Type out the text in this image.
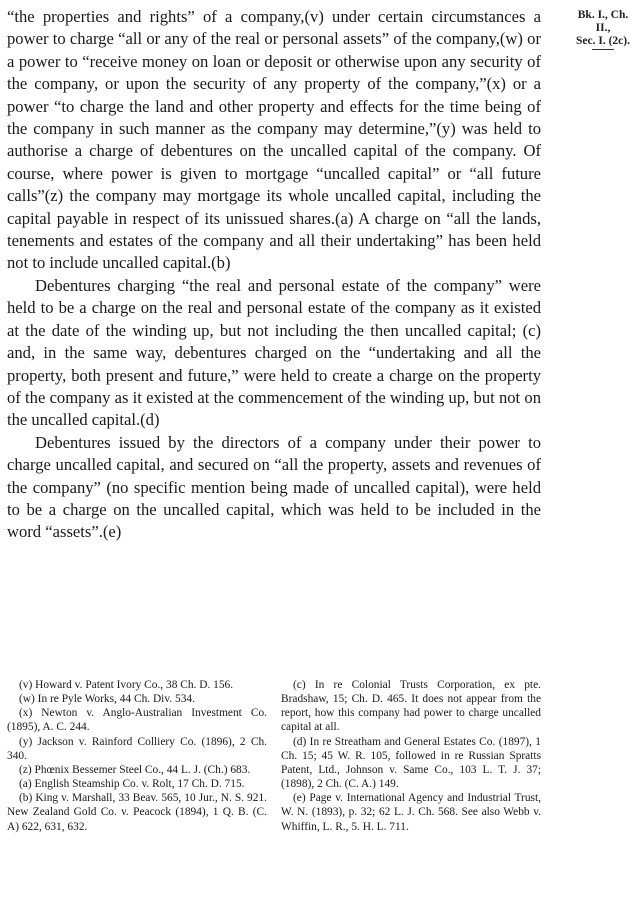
Bk. I., Ch. II.,
Sec. I. (2c).

“the properties and rights” of a company,(v) under certain circumstances a power to charge “all or any of the real or personal assets” of the company,(w) or a power to “receive money on loan or deposit or otherwise upon any security of the company, or upon the security of any property of the company,”(x) or a power “to charge the land and other property and effects for the time being of the company in such manner as the company may determine,”(y) was held to authorise a charge of debentures on the uncalled capital of the company. Of course, where power is given to mortgage “uncalled capital” or “all future calls”(z) the company may mortgage its whole uncalled capital, including the capital payable in respect of its unissued shares.(a) A charge on “all the lands, tenements and estates of the company and all their undertaking” has been held not to include uncalled capital.(b)

Debentures charging “the real and personal estate of the company” were held to be a charge on the real and personal estate of the company as it existed at the date of the winding up, but not including the then uncalled capital; (c) and, in the same way, debentures charged on the “undertaking and all the property, both present and future,” were held to create a charge on the property of the company as it existed at the commencement of the winding up, but not on the uncalled capital.(d)

Debentures issued by the directors of a company under their power to charge uncalled capital, and secured on “all the property, assets and revenues of the company” (no specific mention being made of uncalled capital), were held to be a charge on the uncalled capital, which was held to be included in the word “assets”.(e)

(v) Howard v. Patent Ivory Co., 38 Ch. D. 156.

(w) In re Pyle Works, 44 Ch. Div. 534.

(x) Newton v. Anglo-Australian Investment Co. (1895), A. C. 244.

(y) Jackson v. Rainford Colliery Co. (1896), 2 Ch. 340.

(z) Phœnix Bessemer Steel Co., 44 L. J. (Ch.) 683.

(a) English Steamship Co. v. Rolt, 17 Ch. D. 715.

(b) King v. Marshall, 33 Beav. 565, 10 Jur., N. S. 921. New Zealand Gold Co. v. Peacock (1894), 1 Q. B. (C. A) 622, 631, 632.

(c) In re Colonial Trusts Corporation, ex pte. Bradshaw, 15; Ch. D. 465. It does not appear from the report, how this company had power to charge uncalled capital at all.

(d) In re Streatham and General Estates Co. (1897), 1 Ch. 15; 45 W. R. 105, followed in re Russian Spratts Patent, Ltd., Johnson v. Same Co., 103 L. T. J. 37; (1898), 2 Ch. (C. A.) 149.

(e) Page v. International Agency and Industrial Trust, W. N. (1893), p. 32; 62 L. J. Ch. 568. See also Webb v. Whiffin, L. R., 5. H. L. 711.
